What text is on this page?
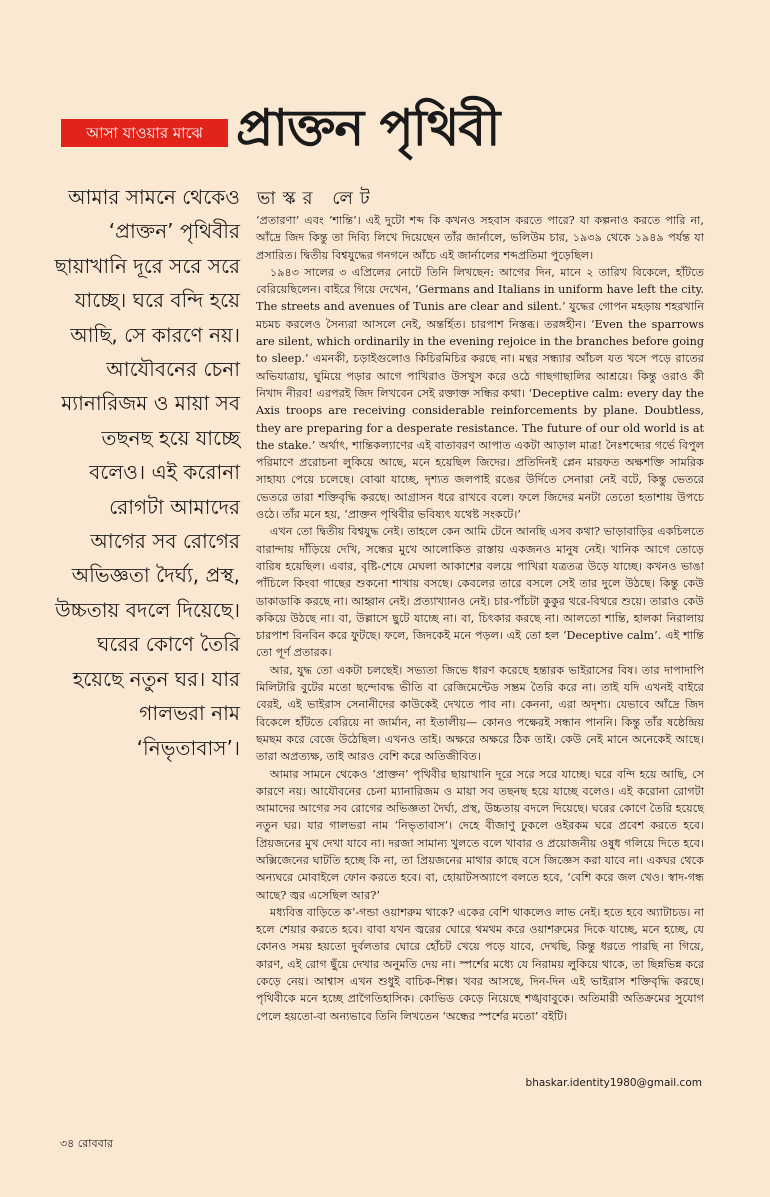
আসা যাওয়ার মাঝে প্রাক্তন পৃথিবী
আমার সামনে থেকেও ‘প্রাক্তন’ পৃথিবীর ছায়াখানি দূরে সরে সরে যাচ্ছে। ঘরে বন্দি হয়ে আছি, সে কারণে নয়। আযৌবনের চেনা ম্যানারিজম ও মায়া সব তছনছ হয়ে যাচ্ছে বলেও। এই করোনা রোগটা আমাদের আগের সব রোগের অভিজ্ঞতা দৈর্ঘ্য, প্রস্থ, উচ্চতায় বদলে দিয়েছে। ঘরের কোণে তৈরি হয়েছে নতুন ঘর। যার গালভরা নাম ‘নিভৃতাবাস’।
ভাস্কর লেট

‘প্রতারণা’ এবং ‘শান্তি’। এই দুটো শব্দ কি কখনও সহবাস করতে পারে? যা কল্পনাও করতে পারি না, আঁদ্রে জিদ কিন্তু তা দিব্যি লিখে দিয়েছেন তাঁর জার্নালে, ভলিউম চার, ১৯৩৯ থেকে ১৯৪৯ পর্যন্ত যা প্রসারিত। দ্বিতীয় বিশ্বযুদ্ধের গনগনে আঁচে এই জার্নালের শব্দপ্রতিমা পুড়েছিল।

১৯৪৩ সালের ৩ এপ্রিলের নোটে তিনি লিখছেন: আগের দিন, মানে ২ তারিখ বিকেলে, হাঁটতে বেরিয়েছিলেন। বাইরে গিয়ে দেখেন, ‘Germans and Italians in uniform have left the city. The streets and avenues of Tunis are clear and silent.’ যুদ্ধের গোপন মহড়ায় শহরখানি মচমচ করলেও সৈন্যরা আসলে নেই, অন্তর্হিত। চারপাশ নিস্তব্ধ। তরঙ্গহীন। ‘Even the sparrows are silent, which ordinarily in the evening rejoice in the branches before going to sleep.’ এমনকী, চড়াইগুলোও কিচিরমিচির করছে না। মন্থর সন্ধ্যার আঁচল যত খসে পড়ে রাতের অভিযাত্রায়, ঘুমিয়ে পড়ার আগে পাখিরাও উসখুস করে ওঠে গাছগাছালির আশ্রয়ে। কিন্তু ওরাও কী নিখাদ নীরব! এরপরই জিদ লিখবেন সেই রক্তাক্ত সন্ধির কথা। ‘Deceptive calm: every day the Axis troops are receiving considerable reinforcements by plane. Doubtless, they are preparing for a desperate resistance. The future of our old world is at the stake.’ অর্থাৎ, শান্তিকল্যাণের এই বাতাবরণ আপাত একটা আড়াল মাত্র! নৈঃশব্দ্যের গর্ভে বিপুল পরিমাণে প্ররোচনা লুকিয়ে আছে, মনে হয়েছিল জিদের। প্রতিদিনই প্লেন মারফত অক্ষশক্তি সামরিক সাহায্য পেয়ে চলেছে। বোঝা যাচ্ছে, দৃশ্যত জলপাই রঙের উর্দিতে সেনারা নেই বটে, কিন্তু ভেতরে ভেতরে তারা শক্তিবৃদ্ধি করছে। আগ্রাসন ধরে রাখবে বলে। ফলে জিদের মনটা তেতো হতাশায় উপচে ওঠে। তাঁর মনে হয়, ‘প্রাক্তন পৃথিবীর ভবিষ্যৎ যথেষ্ট সংকটে।’

এখন তো দ্বিতীয় বিশ্বযুদ্ধ নেই। তাহলে কেন আমি টেনে আনছি এসব কথা? ভাড়াবাড়ির একচিলতে বারান্দায় দাঁড়িয়ে দেখি, সন্ধের মুখে আলোকিত রাস্তায় একজনও মানুষ নেই। খানিক আগে তোড়ে বারিষ হয়েছিল। এবার, বৃষ্টি-শেষে মেঘলা আকাশের বলয়ে পাখিরা যত্রতত্র উড়ে যাচ্ছে। কখনও ভাঙা পাঁচিলে কিংবা গাছের শুকনো শাখায় বসছে। কেবলের তারে বসলে সেই তার দুলে উঠছে। কিন্তু কেউ ডাকাডাকি করছে না। আহ্বান নেই। প্রত্যাখ্যানও নেই। চার-পাঁচটা কুকুর থরে-বিথরে শুয়ে। তারাও কেউ ককিয়ে উঠছে না। বা, উল্লাসে ছুটে যাচ্ছে না। বা, চিৎকার করছে না। আলতো শান্তি, হালকা নিরালায় চারপাশ বিনবিন করে ফুটছে। ফলে, জিদকেই মনে পড়ল। এই তো হল ‘Deceptive calm’. এই শান্তি তো পূর্ণ প্রতারক।

আর, যুদ্ধ তো একটা চলছেই। সভ্যতা জিভে ধারণ করেছে হন্তারক ভাইরাসের বিষ। তার দাপাদাপি মিলিটারি বুটের মতো ছন্দোবদ্ধ ভীতি বা রেজিমেন্টেড সম্ভ্রম তৈরি করে না। তাই যদি এখনই বাইরে বেরই, এই ভাইরাস সেনানীদের কাউকেই দেখতে পাব না। কেননা, এরা অদৃশ্য। যেভাবে আঁদ্রে জিদ বিকেলে হাঁটতে বেরিয়ে না জার্মান, না ইতালীয়— কোনও পক্ষেরই সন্ধান পাননি। কিন্তু তাঁর ষষ্ঠেন্দ্রিয় ছমছম করে বেজে উঠেছিল। এখনও তাই। অক্ষরে অক্ষরে ঠিক তাই। কেউ নেই মানে অনেকেই আছে। তারা অপ্রত্যক্ষ, তাই আরও বেশি করে অতিজীবিত।

আমার সামনে থেকেও ‘প্রাক্তন’ পৃথিবীর ছায়াখানি দূরে সরে সরে যাচ্ছে। ঘরে বন্দি হয়ে আছি, সে কারণে নয়। আযৌবনের চেনা ম্যানারিজম ও মায়া সব তছনছ হয়ে যাচ্ছে বলেও। এই করোনা রোগটা আমাদের আগের সব রোগের অভিজ্ঞতা দৈর্ঘ্য, প্রস্থ, উচ্চতায় বদলে দিয়েছে। ঘরের কোণে তৈরি হয়েছে নতুন ঘর। যার গালভরা নাম ‘নিভৃতাবাস’। দেহে বীজাণু ঢুকলে ওইরকম ঘরে প্রবেশ করতে হবে। প্রিয়জনের মুখ দেখা যাবে না। দরজা সামান্য খুলতে বলে খাবার ও প্রয়োজনীয় ওষুধ গলিয়ে দিতে হবে। অক্সিজেনের ঘাটতি হচ্ছে কি না, তা প্রিয়জনের মাথার কাছে বসে জিজ্ঞেস করা যাবে না। একঘর থেকে অন্যঘরে মোবাইলে ফোন করতে হবে। বা, হোয়াটসঅ্যাপে বলতে হবে, ‘বেশি করে জল খেও। স্বাদ-গন্ধ আছে? জ্বর এসেছিল আর?’

মধ্যবিত্ত বাড়িতে ক’-গন্ডা ওয়াশরুম থাকে? একের বেশি থাকলেও লাভ নেই। হতে হবে অ্যাটাচড। না হলে শেয়ার করতে হবে। বাবা যখন জ্বরের ঘোরে থমথম করে ওয়াশরুমের দিকে যাচ্ছে, মনে হচ্ছে, যে কোনও সময় হয়তো দুর্বলতার ঘোরে হোঁচট খেয়ে পড়ে যাবে, দেখছি, কিন্তু ধরতে পারছি না গিয়ে, কারণ, এই রোগ ছুঁয়ে দেখার অনুমতি দেয় না। স্পর্শের মধ্যে যে নিরাময় লুকিয়ে থাকে, তা ছিন্নভিন্ন করে কেড়ে নেয়। আশ্বাস এখন শুধুই বাচিক-শিল্প। খবর আসছে, দিন-দিন এই ভাইরাস শক্তিবৃদ্ধি করছে। পৃথিবীকে মনে হচ্ছে প্রাগৈতিহাসিক। কোভিড কেড়ে নিয়েছে শঙ্খবাবুকে। অতিমারী অতিক্রমের সুযোগ পেলে হয়তো-বা অন্যভাবে তিনি লিখতেন ‘অন্ধের স্পর্শের মতো’ বইটি।

bhaskar.identity1980@gmail.com
৩৪ রোববার
